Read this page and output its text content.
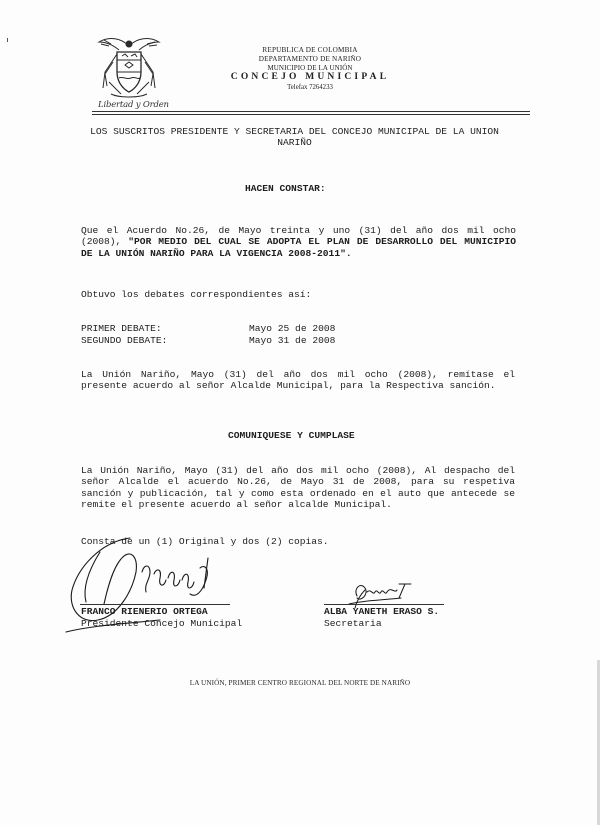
Libertad y Orden
REPUBLICA DE COLOMBIA
DEPARTAMENTO DE NARIÑO
MUNICIPIO DE LA UNIÓN
CONCEJO MUNICIPAL
Telefax 7264233

LOS SUSCRITOS PRESIDENTE Y SECRETARIA DEL CONCEJO MUNICIPAL DE LA UNION NARIÑO

HACEN CONSTAR:

Que el Acuerdo No.26, de Mayo treinta y uno (31) del año dos mil ocho (2008), "POR MEDIO DEL CUAL SE ADOPTA EL PLAN DE DESARROLLO DEL MUNICIPIO DE LA UNIÓN NARIÑO PARA LA VIGENCIA 2008-2011".

Obtuvo los debates correspondientes así:

PRIMER DEBATE:	Mayo 25 de 2008

SEGUNDO DEBATE:	Mayo 31 de 2008

La Unión Nariño, Mayo (31) del año dos mil ocho (2008), remítase el presente acuerdo al señor Alcalde Municipal, para la Respectiva sanción.

COMUNIQUESE Y CUMPLASE

La Unión Nariño, Mayo (31) del año dos mil ocho (2008), Al despacho del señor Alcalde el acuerdo No.26, de Mayo 31 de 2008, para su respetiva sanción y publicación, tal y como esta ordenado en el auto que antecede se remite el presente acuerdo al señor alcalde Municipal.

Consta de un (1) Original y dos (2) copias.

FRANCO RIENERIO ORTEGA

Presidente Concejo Municipal

ALBA YANETH ERASO S.

Secretaria

LA UNIÓN, PRIMER CENTRO REGIONAL DEL NORTE DE NARIÑO
